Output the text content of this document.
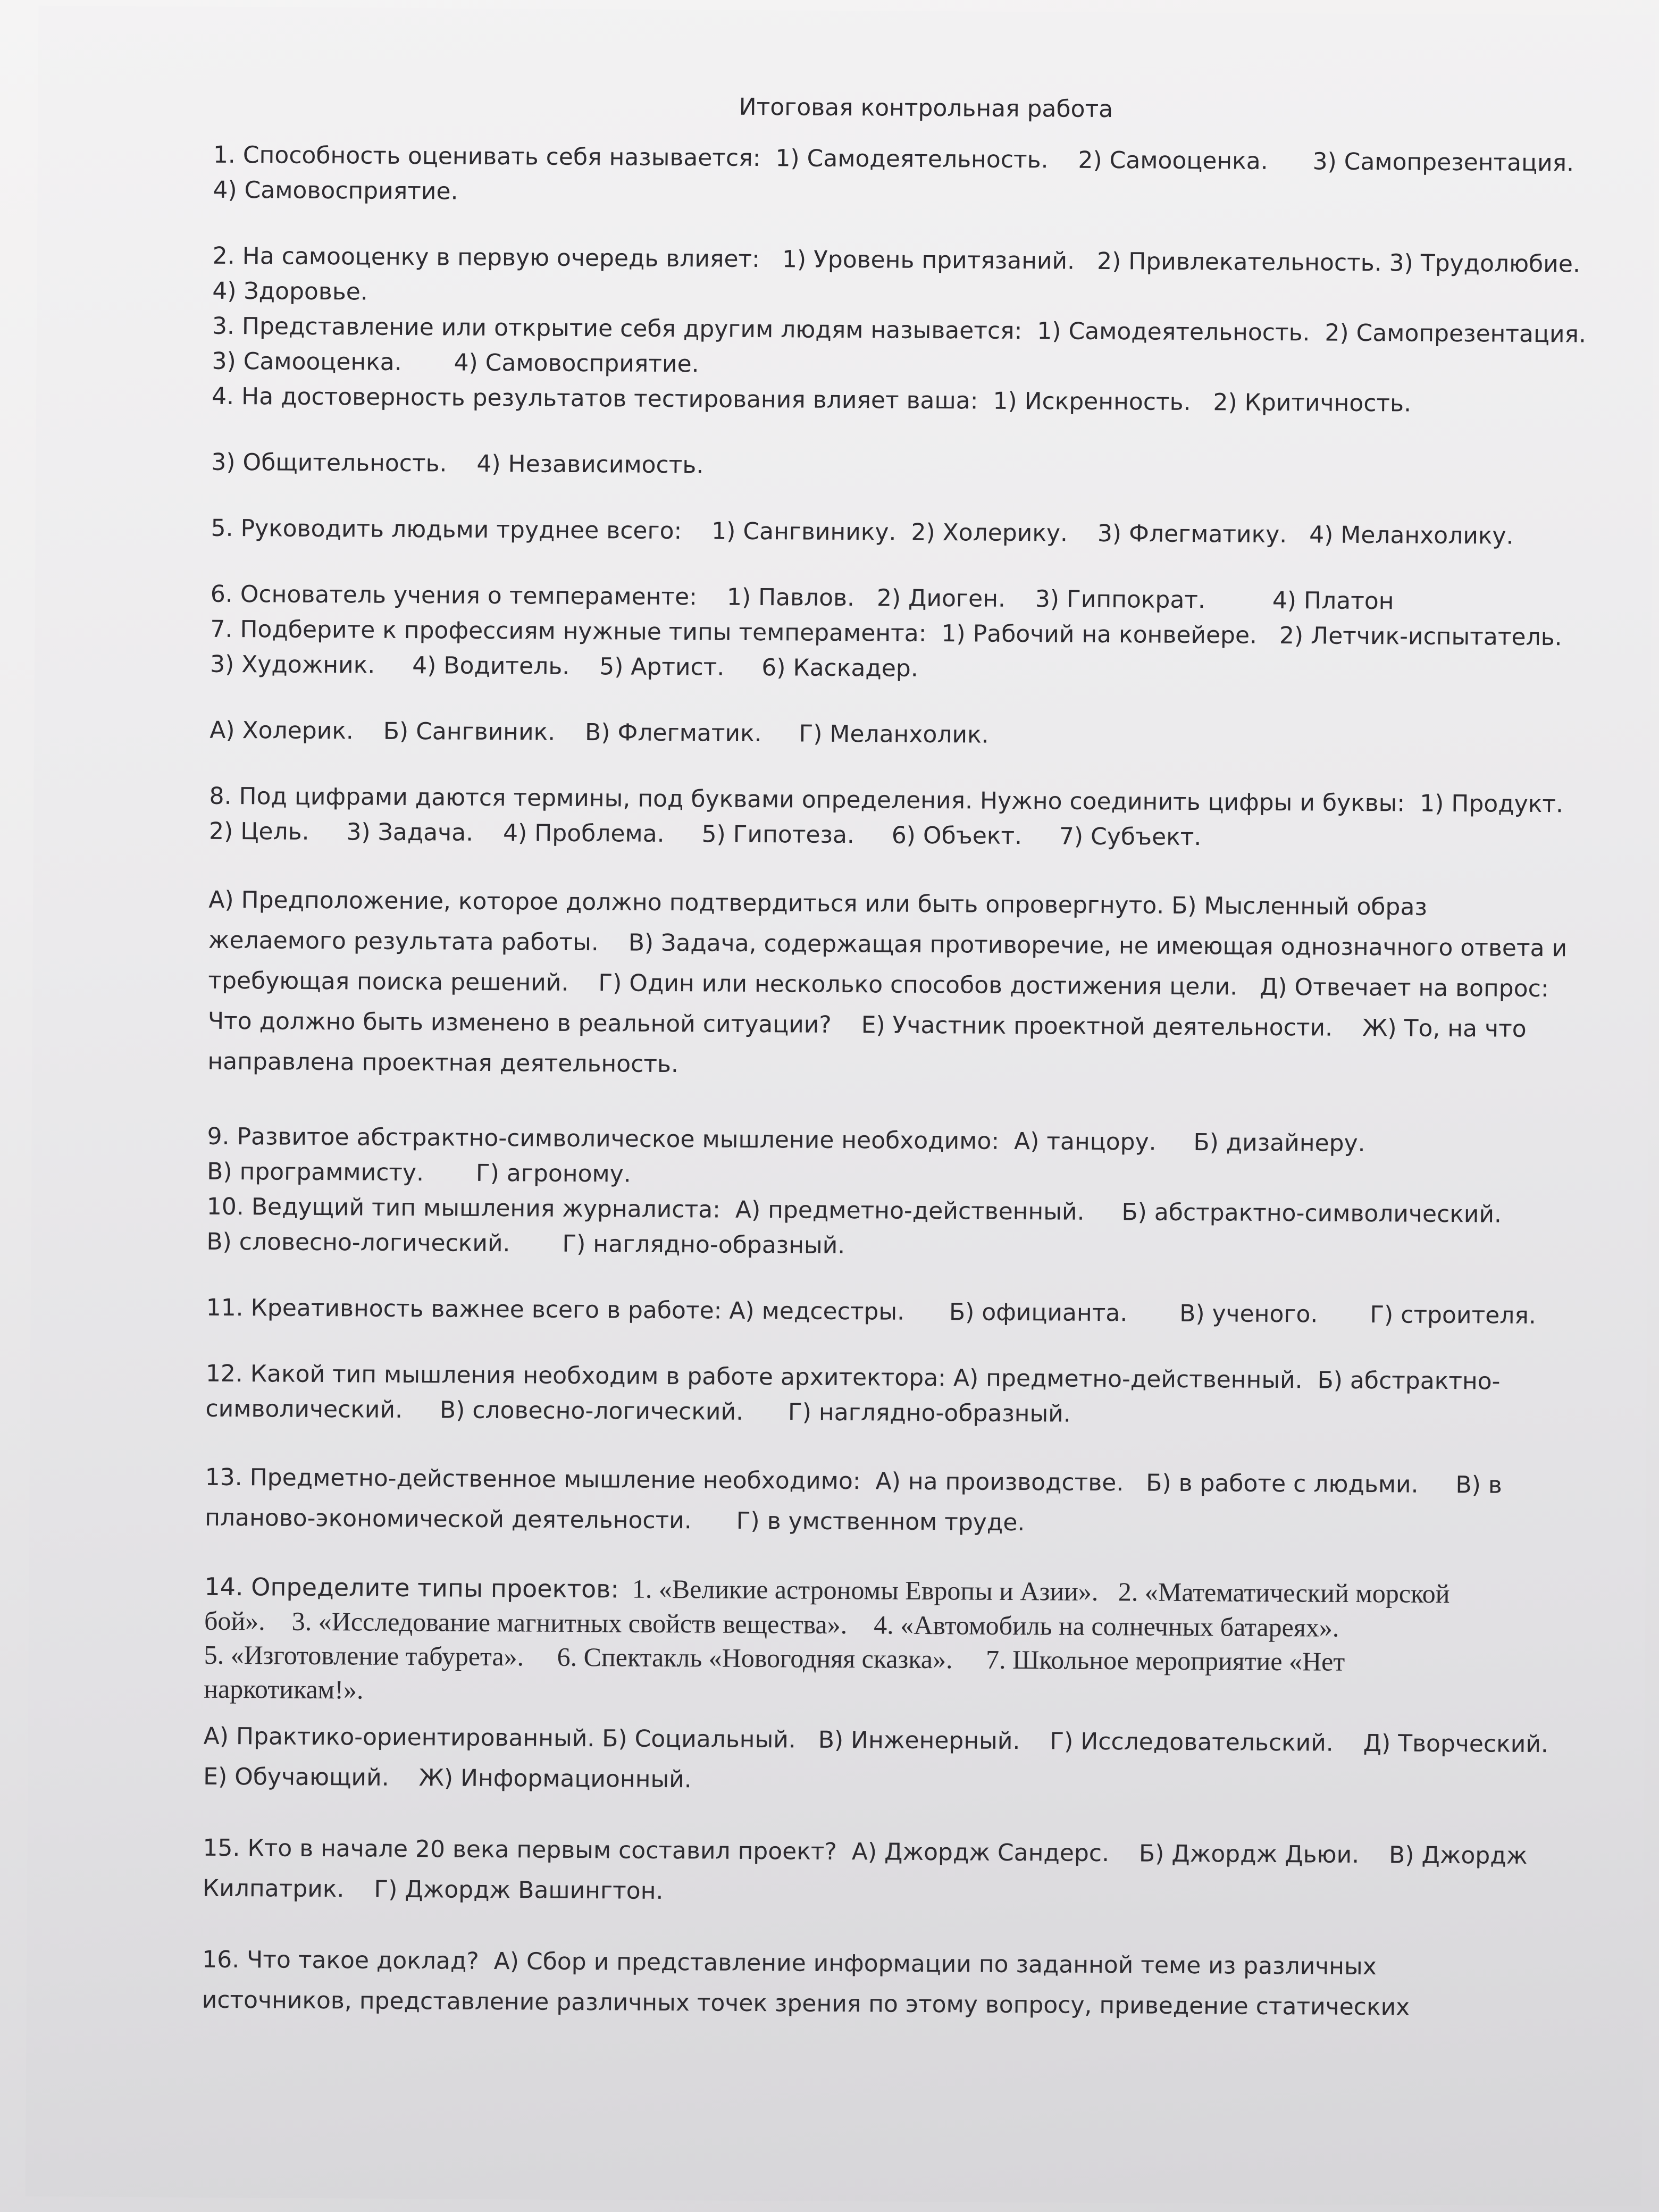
Итоговая контрольная работа

1. Способность оценивать себя называется:  1) Самодеятельность.    2) Самооценка.      3) Самопрезентация.

4) Самовосприятие.

2. На самооценку в первую очередь влияет:   1) Уровень притязаний.   2) Привлекательность. 3) Трудолюбие.

4) Здоровье.

3. Представление или открытие себя другим людям называется:  1) Самодеятельность.  2) Самопрезентация.

3) Самооценка.       4) Самовосприятие.

4. На достоверность результатов тестирования влияет ваша:  1) Искренность.   2) Критичность.

3) Общительность.    4) Независимость.

5. Руководить людьми труднее всего:    1) Сангвинику.  2) Холерику.    3) Флегматику.   4) Меланхолику.

6. Основатель учения о темпераменте:    1) Павлов.   2) Диоген.    3) Гиппократ.         4) Платон

7. Подберите к профессиям нужные типы темперамента:  1) Рабочий на конвейере.   2) Летчик-испытатель.

3) Художник.     4) Водитель.    5) Артист.     6) Каскадер.

А) Холерик.    Б) Сангвиник.    В) Флегматик.     Г) Меланхолик.

8. Под цифрами даются термины, под буквами определения. Нужно соединить цифры и буквы:  1) Продукт.

2) Цель.     3) Задача.    4) Проблема.     5) Гипотеза.     6) Объект.     7) Субъект.

А) Предположение, которое должно подтвердиться или быть опровергнуто. Б) Мысленный образ

желаемого результата работы.    В) Задача, содержащая противоречие, не имеющая однозначного ответа и

требующая поиска решений.    Г) Один или несколько способов достижения цели.   Д) Отвечает на вопрос:

Что должно быть изменено в реальной ситуации?    Е) Участник проектной деятельности.    Ж) То, на что

направлена проектная деятельность.

9. Развитое абстрактно-символическое мышление необходимо:  А) танцору.     Б) дизайнеру.

В) программисту.       Г) агроному.

10. Ведущий тип мышления журналиста:  А) предметно-действенный.     Б) абстрактно-символический.

В) словесно-логический.       Г) наглядно-образный.

11. Креативность важнее всего в работе: А) медсестры.      Б) официанта.       В) ученого.       Г) строителя.

12. Какой тип мышления необходим в работе архитектора: А) предметно-действенный.  Б) абстрактно-

символический.     В) словесно-логический.      Г) наглядно-образный.

13. Предметно-действенное мышление необходимо:  А) на производстве.   Б) в работе с людьми.     В) в

планово-экономической деятельности.      Г) в умственном труде.

14. Определите типы проектов:  1. «Великие астрономы Европы и Азии».   2. «Математический морской

бой».    3. «Исследование магнитных свойств вещества».    4. «Автомобиль на солнечных батареях».

5. «Изготовление табурета».     6. Спектакль «Новогодняя сказка».     7. Школьное мероприятие «Нет

наркотикам!».

А) Практико-ориентированный. Б) Социальный.   В) Инженерный.    Г) Исследовательский.    Д) Творческий.

Е) Обучающий.    Ж) Информационный.

15. Кто в начале 20 века первым составил проект?  А) Джордж Сандерс.    Б) Джордж Дьюи.    В) Джордж

Килпатрик.    Г) Джордж Вашингтон.

16. Что такое доклад?  А) Сбор и представление информации по заданной теме из различных

источников, представление различных точек зрения по этому вопросу, приведение статических
